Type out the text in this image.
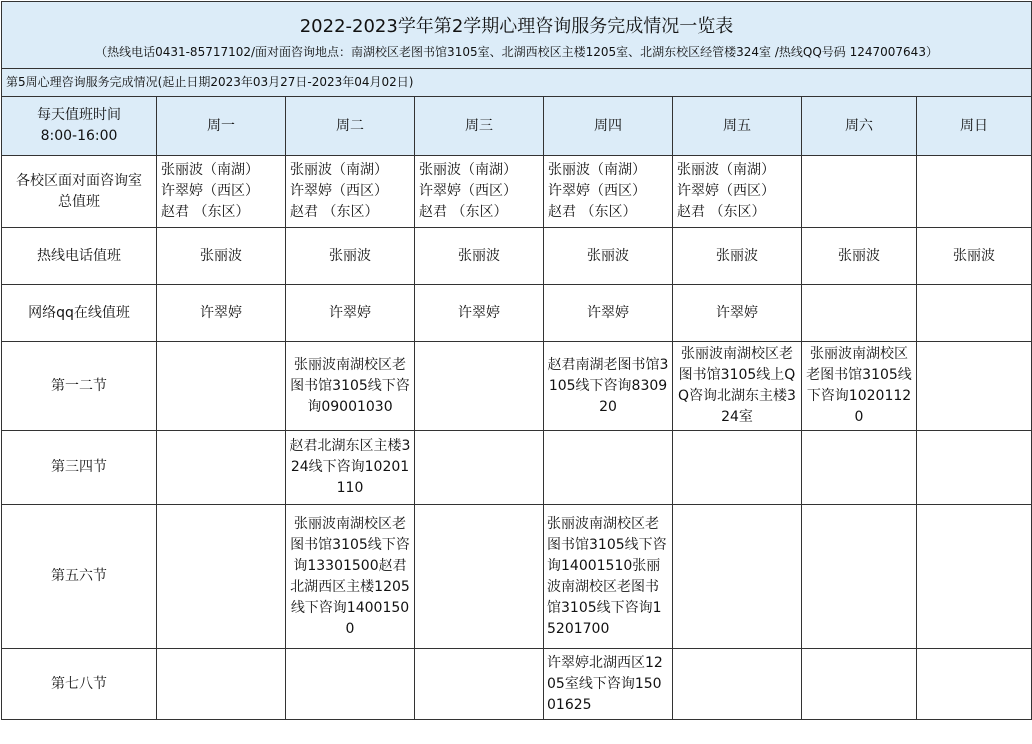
2022-2023学年第2学期心理咨询服务完成情况一览表
（热线电话0431-85717102/面对面咨询地点：南湖校区老图书馆3105室、北湖西校区主楼1205室、北湖东校区经管楼324室 /热线QQ号码 1247007643）							

第5周心理咨询服务完成情况(起止日期2023年03月27日-2023年04月02日)							
每天值班时间
8:00-16:00	周一	周二	周三	周四	周五	周六	周日
各校区面对面咨询室
总值班	张丽波（南湖）
许翠婷（西区）
赵君 （东区）	张丽波（南湖）
许翠婷（西区）
赵君 （东区）	张丽波（南湖）
许翠婷（西区）
赵君 （东区）	张丽波（南湖）
许翠婷（西区）
赵君 （东区）	张丽波（南湖）
许翠婷（西区）
赵君 （东区）		
热线电话值班	张丽波	张丽波	张丽波	张丽波	张丽波	张丽波	张丽波
网络qq在线值班	许翠婷	许翠婷	许翠婷	许翠婷	许翠婷		
第一二节		张丽波南湖校区老图书馆3105线下咨询09001030		赵君南湖老图书馆3105线下咨询830920	张丽波南湖校区老图书馆3105线上QQ咨询北湖东主楼324室	张丽波南湖校区老图书馆3105线下咨询10201120	
第三四节		赵君北湖东区主楼324线下咨询10201110					
第五六节		张丽波南湖校区老图书馆3105线下咨询13301500赵君北湖西区主楼1205线下咨询14001500		张丽波南湖校区老图书馆3105线下咨询14001510张丽波南湖校区老图书馆3105线下咨询15201700			
第七八节				许翠婷北湖西区1205室线下咨询15001625			
